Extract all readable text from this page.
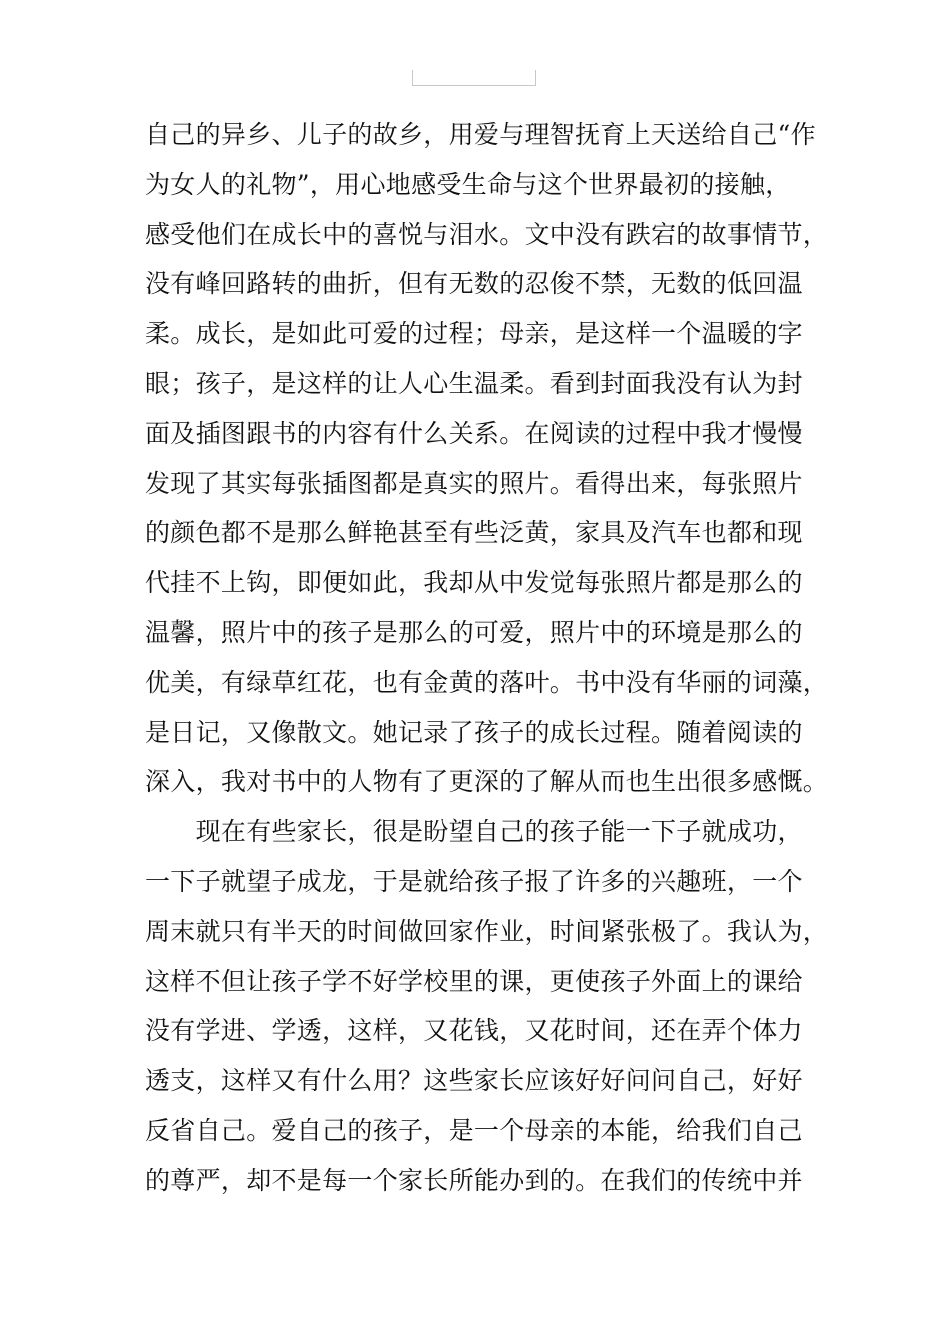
自己的异乡、儿子的故乡，用爱与理智抚育上天送给自己“作
为女人的礼物”，用心地感受生命与这个世界最初的接触，
感受他们在成长中的喜悦与泪水。文中没有跌宕的故事情节，
没有峰回路转的曲折，但有无数的忍俊不禁，无数的低回温
柔。成长，是如此可爱的过程；母亲，是这样一个温暖的字
眼；孩子，是这样的让人心生温柔。看到封面我没有认为封
面及插图跟书的内容有什么关系。在阅读的过程中我才慢慢
发现了其实每张插图都是真实的照片。看得出来，每张照片
的颜色都不是那么鲜艳甚至有些泛黄，家具及汽车也都和现
代挂不上钩，即便如此，我却从中发觉每张照片都是那么的
温馨，照片中的孩子是那么的可爱，照片中的环境是那么的
优美，有绿草红花，也有金黄的落叶。书中没有华丽的词藻，
是日记，又像散文。她记录了孩子的成长过程。随着阅读的
深入，我对书中的人物有了更深的了解从而也生出很多感慨。
　　现在有些家长，很是盼望自己的孩子能一下子就成功，
一下子就望子成龙，于是就给孩子报了许多的兴趣班，一个
周末就只有半天的时间做回家作业，时间紧张极了。我认为，
这样不但让孩子学不好学校里的课，更使孩子外面上的课给
没有学进、学透，这样，又花钱，又花时间，还在弄个体力
透支，这样又有什么用？这些家长应该好好问问自己，好好
反省自己。爱自己的孩子，是一个母亲的本能，给我们自己
的尊严，却不是每一个家长所能办到的。在我们的传统中并
